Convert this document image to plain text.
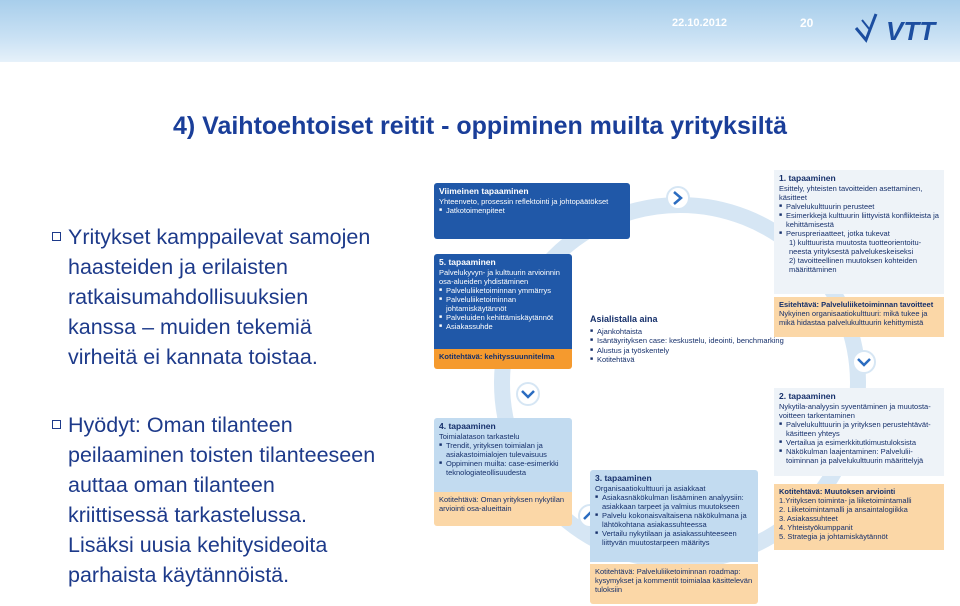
22.10.2012	20	VTT
4) Vaihtoehtoiset reitit - oppiminen muilta yrityksiltä
Yritykset kamppailevat samojen
haasteiden ja erilaisten
ratkaisumahdollisuuksien
kanssa – muiden tekemiä
virheitä ei kannata toistaa.
Hyödyt: Oman tilanteen
peilaaminen toisten tilanteeseen
auttaa oman tilanteen
kriittisessä tarkastelussa.
Lisäksi uusia kehitysideoita
parhaista käytännöistä.
Viimeinen tapaaminen
Yhteenveto, prosessin reflektointi ja johtopäätökset
■ Jatkotoimenpiteet
5. tapaaminen
Palvelukyvyn- ja kulttuurin arvioinnin osa-alueiden yhdistäminen
■ Palveluliiketoiminnan ymmärrys
■ Palveluliiketoiminnan johtamiskäytännöt
■ Palveluiden kehittämiskäytännöt
■ Asiakassuhde
Kotitehtävä: kehityssuunnitelma
4. tapaaminen
Toimialatason tarkastelu
■ Trendit, yrityksen toimialan ja asiakastoimialojen tulevaisuus
■ Oppiminen muilta: case-esimerkki teknologiateollisuudesta
Kotitehtävä: Oman yrityksen nykytilan arviointi osa-alueittain
3. tapaaminen
Organisaatiokulttuuri ja asiakkaat
■ Asiakasnäkökulman lisääminen analyysiin: asiakkaan tarpeet ja valmius muutokseen
■ Palvelu kokonaisvaltaisena näkökulmana ja lähtökohtana asiakassuhteessa
■ Vertailu nykytilaan ja asiakassuhteeseen liittyvän muutostarpeen määritys
Kotitehtävä: Palveluliiketoiminnan roadmap: kysymykset ja kommentit toimialaa käsittelevän tuloksiin
1. tapaaminen
Esittely, yhteisten tavoitteiden asettaminen, käsitteet
■ Palvelukulttuurin perusteet
■ Esimerkkejä kulttuurin liittyvistä konflikteista ja kehittämisestä
■ Peruspreriaatteet, jotka tukevat
1) kulttuurista muutosta tuotteorientoitu-neesta yrityksestä palvelukeskeiseksi
2) tavoitteellinen muutoksen kohteiden määrittäminen
Esitehtävä: Palveluliiketoiminnan tavoitteet
Nykyinen organisaatiokulttuuri: mikä tukee ja mikä hidastaa palvelukulttuurin kehittymistä
2. tapaaminen
Nykytila-analyysin syventäminen ja muutosta-voitteen tarkentaminen
■ Palvelukulttuurin ja yrityksen perustehtävät-käsitteen yhteys
■ Vertailua ja esimerkkitutkimustuloksista
■ Näkökulman laajentaminen: Palvelulii-toiminnan ja palvelukulttuurin määrittelyjä
Kotitehtävä: Muutoksen arviointi
1.Yrityksen toiminta- ja liiketoimintamalli
2. Liiketoimintamalli ja ansaintalogiikka
3. Asiakassuhteet
4. Yhteistyökumppanit
5. Strategia ja johtamiskäytännöt
Asialistalla aina
■ Ajankohtaista
■ Isäntäyrityksen case: keskustelu, ideointi, benchmarking
■ Alustus ja työskentely
■ Kotitehtävä
